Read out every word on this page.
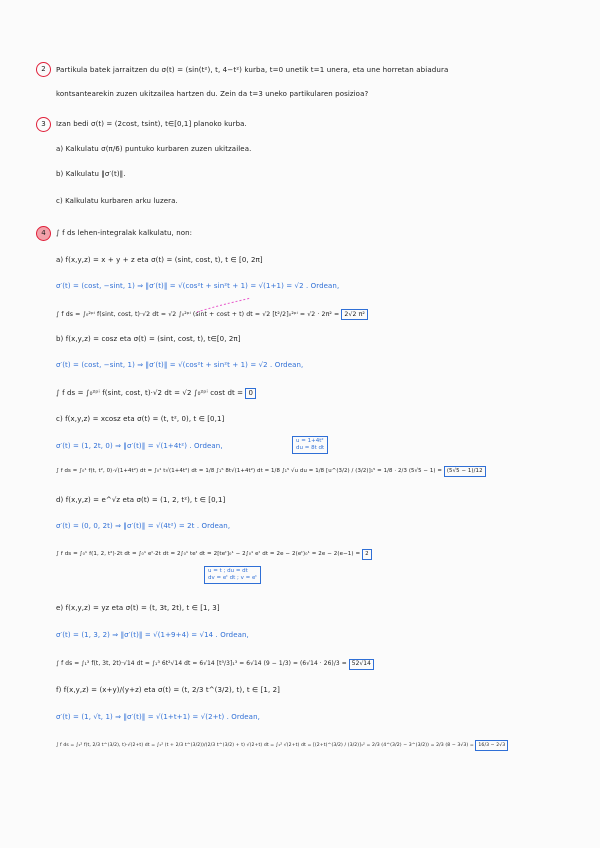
2	Partikula batek jarraitzen du σ(t) = (sin(t²), t, 4−t²) kurba, t=0 unetik t=1 unera, eta une horretan abiadura
kontsantearekin zuzen ukitzailea hartzen du. Zein da t=3 uneko partikularen posizioa?
3	Izan bedi σ(t) = (2cost, tsint), t∈[0,1] planoko kurba.
a) Kalkulatu σ(π/6) puntuko kurbaren zuzen ukitzailea.
b) Kalkulatu ‖σ′(t)‖.
c) Kalkulatu kurbaren arku luzera.
4	∫ f ds lehen-integralak kalkulatu, non:
a) f(x,y,z) = x + y + z eta σ(t) = (sint, cost, t), t ∈ [0, 2π]
σ′(t) = (cost, −sint, 1) ⇒ ‖σ′(t)‖ = √(cos²t + sin²t + 1) = √(1+1) = √2 . Ordean,
∫ f ds = ∫₀²ᵖⁱ f(sint, cost, t)·√2 dt = √2 ∫₀²ᵖⁱ (sint + cost + t) dt = √2 [t²/2]₀²ᵖⁱ = √2 · 2π² = 2√2 π²
b) f(x,y,z) = cosz eta σ(t) = (sint, cost, t), t∈[0, 2π]
σ′(t) = (cost, −sint, 1) ⇒ ‖σ′(t)‖ = √(cos²t + sin²t + 1) = √2 . Ordean,
∫ f ds = ∫₀²ᵖⁱ f(sint, cost, t)·√2 dt = √2 ∫₀²ᵖⁱ cost dt = 0
c) f(x,y,z) = xcosz eta σ(t) = (t, t², 0), t ∈ [0,1]
σ′(t) = (1, 2t, 0) ⇒ ‖σ′(t)‖ = √(1+4t²) . Ordean,
u = 1+4t²
du = 8t dt
∫ f ds = ∫₀¹ f(t, t², 0)·√(1+4t²) dt = ∫₀¹ t√(1+4t²) dt = 1/8 ∫₁⁵ 8t√(1+4t²) dt = 1/8 ∫₁⁵ √u du = 1/8 [u^(3/2) / (3/2)]₁⁵ = 1/8 · 2/3 (5√5 − 1) = (5√5 − 1)/12
d) f(x,y,z) = e^√z eta σ(t) = (1, 2, t²), t ∈ [0,1]
σ′(t) = (0, 0, 2t) ⇒ ‖σ′(t)‖ = √(4t²) = 2t . Ordean,
∫ f ds = ∫₀¹ f(1, 2, t²)·2t dt = ∫₀¹ eᵗ·2t dt = 2∫₀¹ teᵗ dt = 2[teᵗ]₀¹ − 2∫₀¹ eᵗ dt = 2e − 2(eᵗ)₀¹ = 2e − 2(e−1) = 2
u = t ; du = dt
dv = eᵗ dt ; v = eᵗ
e) f(x,y,z) = yz eta σ(t) = (t, 3t, 2t), t ∈ [1, 3]
σ′(t) = (1, 3, 2) ⇒ ‖σ′(t)‖ = √(1+9+4) = √14 . Ordean,
∫ f ds = ∫₁³ f(t, 3t, 2t)·√14 dt = ∫₁³ 6t²√14 dt = 6√14 [t³/3]₁³ = 6√14 (9 − 1/3) = (6√14 · 26)/3 = 52√14
f) f(x,y,z) = (x+y)/(y+z) eta σ(t) = (t, 2/3 t^(3/2), t), t ∈ [1, 2]
σ′(t) = (1, √t, 1) ⇒ ‖σ′(t)‖ = √(1+t+1) = √(2+t) . Ordean,
∫ f ds = ∫₁² f(t, 2/3 t^(3/2), t)·√(2+t) dt = ∫₁² (t + 2/3 t^(3/2))/(2/3 t^(3/2) + t) √(2+t) dt = ∫₁² √(2+t) dt = [(2+t)^(3/2) / (3/2)]₁² = 2/3 (4^(3/2) − 3^(3/2)) = 2/3 (8 − 3√3) = 16/3 − 2√3
